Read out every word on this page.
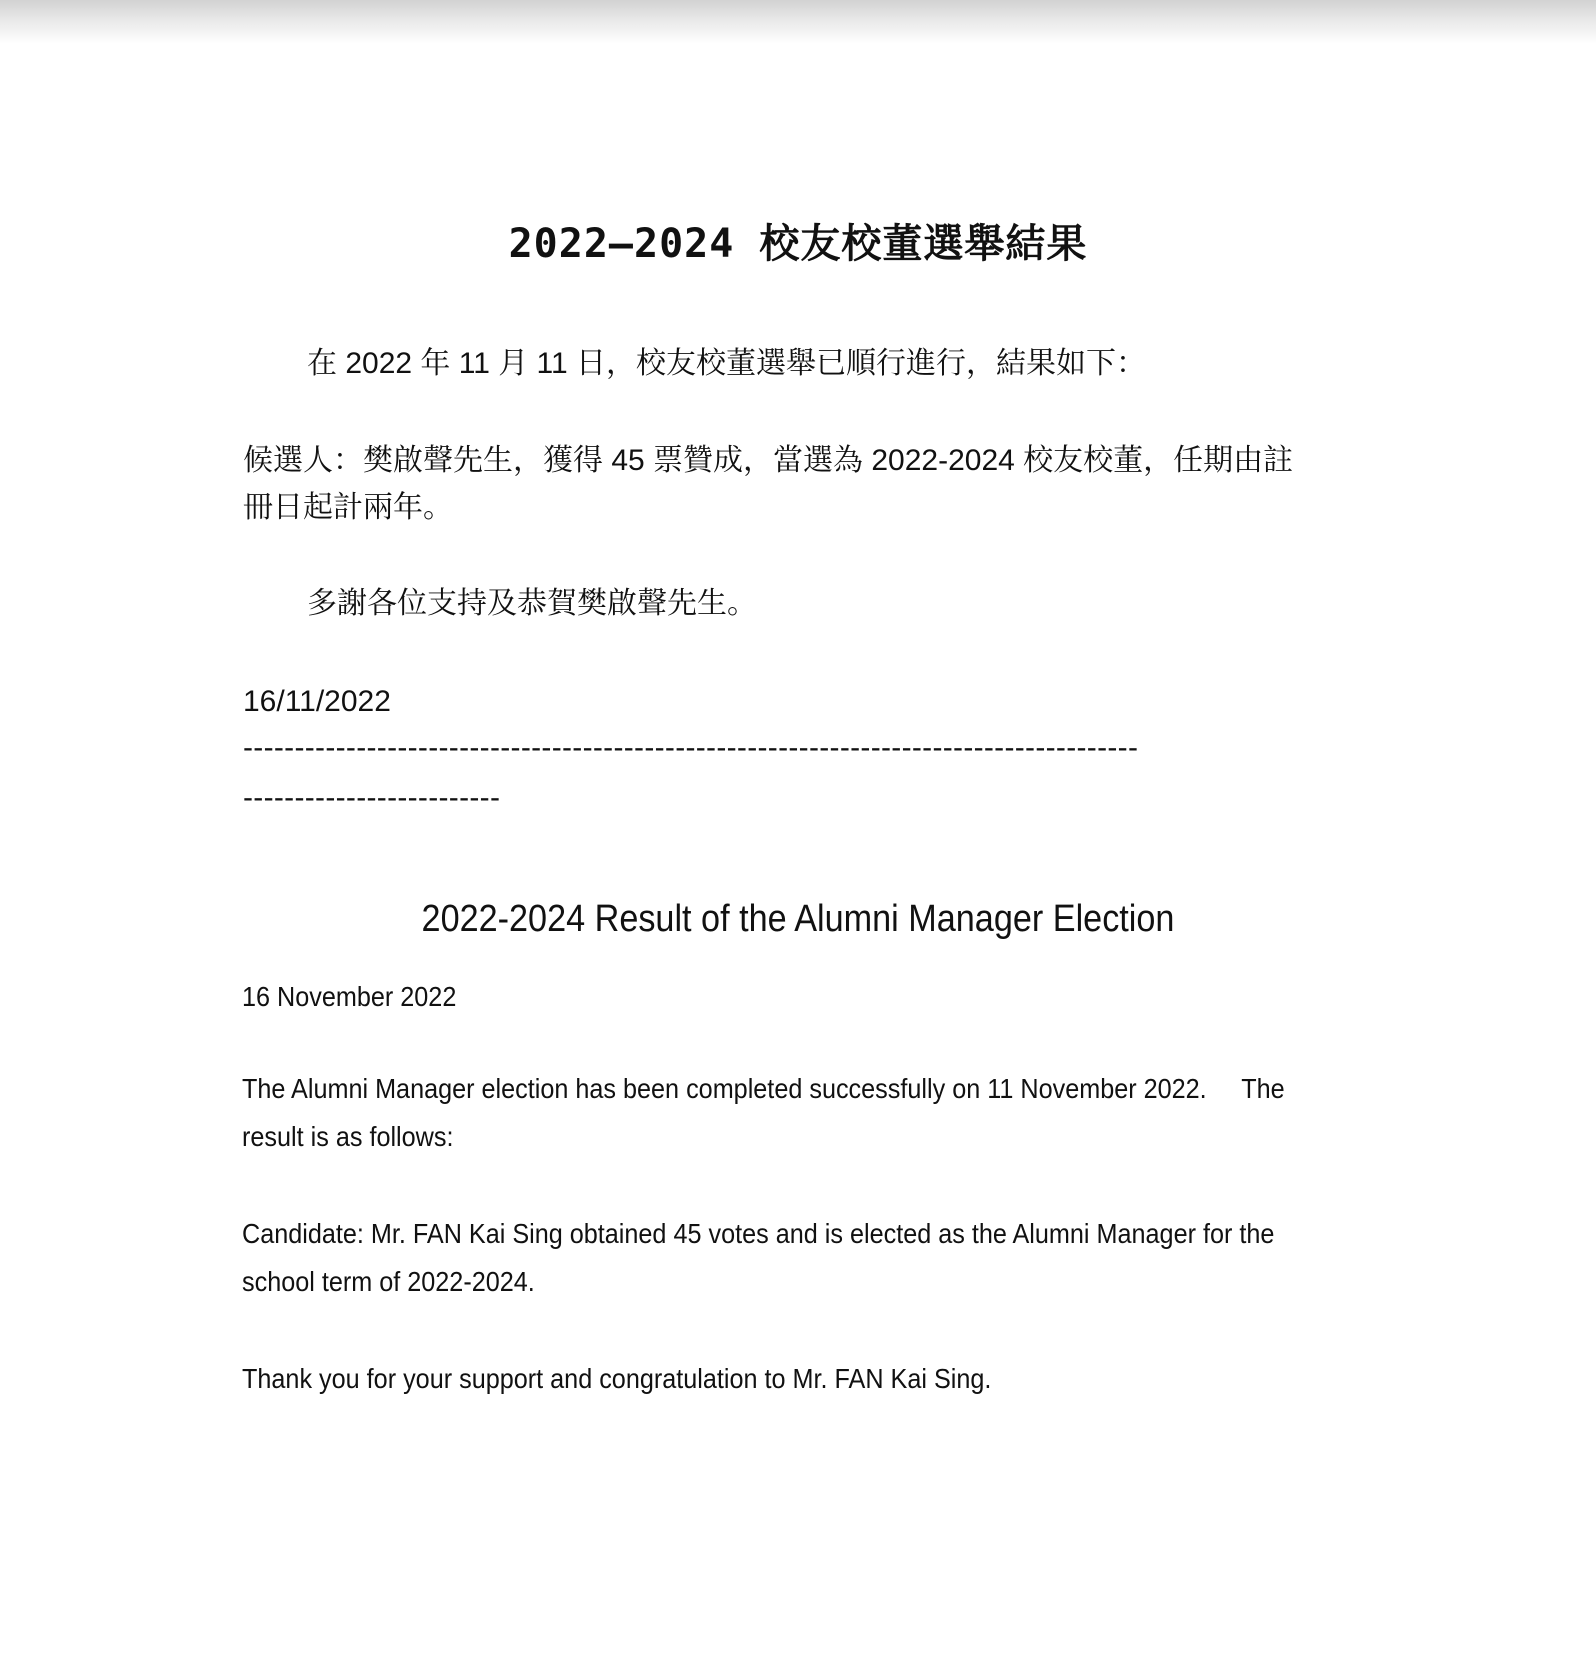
2022–2024 校友校董選舉結果
在 2022 年 11 月 11 日，校友校董選舉已順行進行，結果如下：
候選人：樊啟聲先生，獲得 45 票贊成，當選為 2022-2024 校友校董，任期由註
冊日起計兩年。
多謝各位支持及恭賀樊啟聲先生。
16/11/2022
---------------------------------------------------------------------------------------
-------------------------
2022-2024 Result of the Alumni Manager Election
16 November 2022
The Alumni Manager election has been completed successfully on 11 November 2022.     The
result is as follows:
Candidate: Mr. FAN Kai Sing obtained 45 votes and is elected as the Alumni Manager for the
school term of 2022-2024.
Thank you for your support and congratulation to Mr. FAN Kai Sing.
